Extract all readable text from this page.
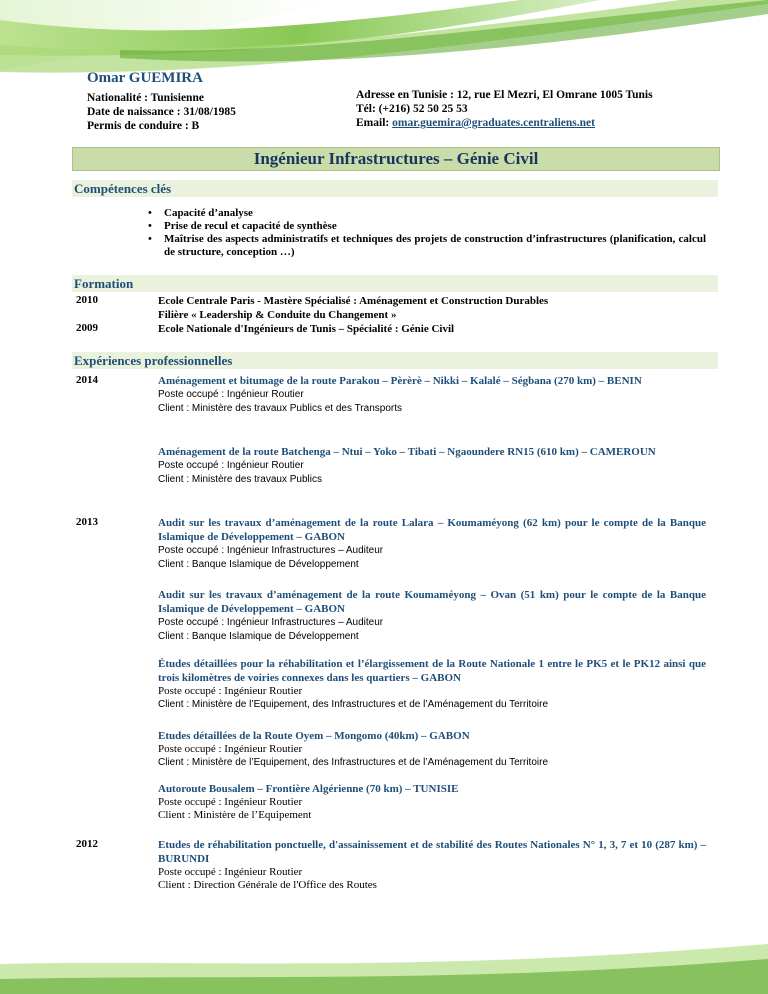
Omar GUEMIRA
Nationalité : Tunisienne
Date de naissance : 31/08/1985
Permis de conduire : B
Adresse en Tunisie : 12, rue El Mezri, El Omrane 1005 Tunis
Tél: (+216) 52 50 25 53
Email: omar.guemira@graduates.centraliens.net
Ingénieur Infrastructures – Génie Civil
Compétences clés
• Capacité d’analyse
• Prise de recul et capacité de synthèse
• Maîtrise des aspects administratifs et techniques des projets de construction d’infrastructures (planification, calcul de structure, conception …)
Formation
2010	Ecole Centrale Paris - Mastère Spécialisé : Aménagement et Construction Durables
Filière « Leadership & Conduite du Changement »
2009	Ecole Nationale d'Ingénieurs de Tunis – Spécialité : Génie Civil
Expériences professionnelles
2014
2013
2012
Aménagement et bitumage de la route Parakou – Pèrèrè – Nikki – Kalalé – Ségbana (270 km) – BENIN
Poste occupé : Ingénieur Routier
Client : Ministère des travaux Publics et des Transports
Aménagement de la route Batchenga – Ntui – Yoko – Tibati – Ngaoundere RN15 (610 km) – CAMEROUN
Poste occupé : Ingénieur Routier
Client : Ministère des travaux Publics
Audit sur les travaux d’aménagement de la route Lalara – Koumaméyong (62 km) pour le compte de la Banque Islamique de Développement – GABON
Poste occupé : Ingénieur Infrastructures – Auditeur
Client : Banque Islamique de Développement
Audit sur les travaux d’aménagement de la route Koumaméyong – Ovan (51 km) pour le compte de la Banque Islamique de Développement – GABON
Poste occupé : Ingénieur Infrastructures – Auditeur
Client : Banque Islamique de Développement
Études détaillées pour la réhabilitation et l’élargissement de la Route Nationale 1 entre le PK5 et le PK12 ainsi que trois kilomètres de voiries connexes dans les quartiers – GABON
Poste occupé : Ingénieur Routier
Client : Ministère de l’Equipement, des Infrastructures et de l’Aménagement du Territoire
Etudes détaillées de la Route Oyem – Mongomo (40km) – GABON
Poste occupé : Ingénieur Routier
Client : Ministère de l’Equipement, des Infrastructures et de l’Aménagement du Territoire
Autoroute Bousalem – Frontière Algérienne (70 km) – TUNISIE
Poste occupé : Ingénieur Routier
Client : Ministère de l’Equipement
Etudes de réhabilitation ponctuelle, d'assainissement et de stabilité des Routes Nationales N° 1, 3, 7 et 10 (287 km) – BURUNDI
Poste occupé : Ingénieur Routier
Client : Direction Générale de l'Office des Routes
